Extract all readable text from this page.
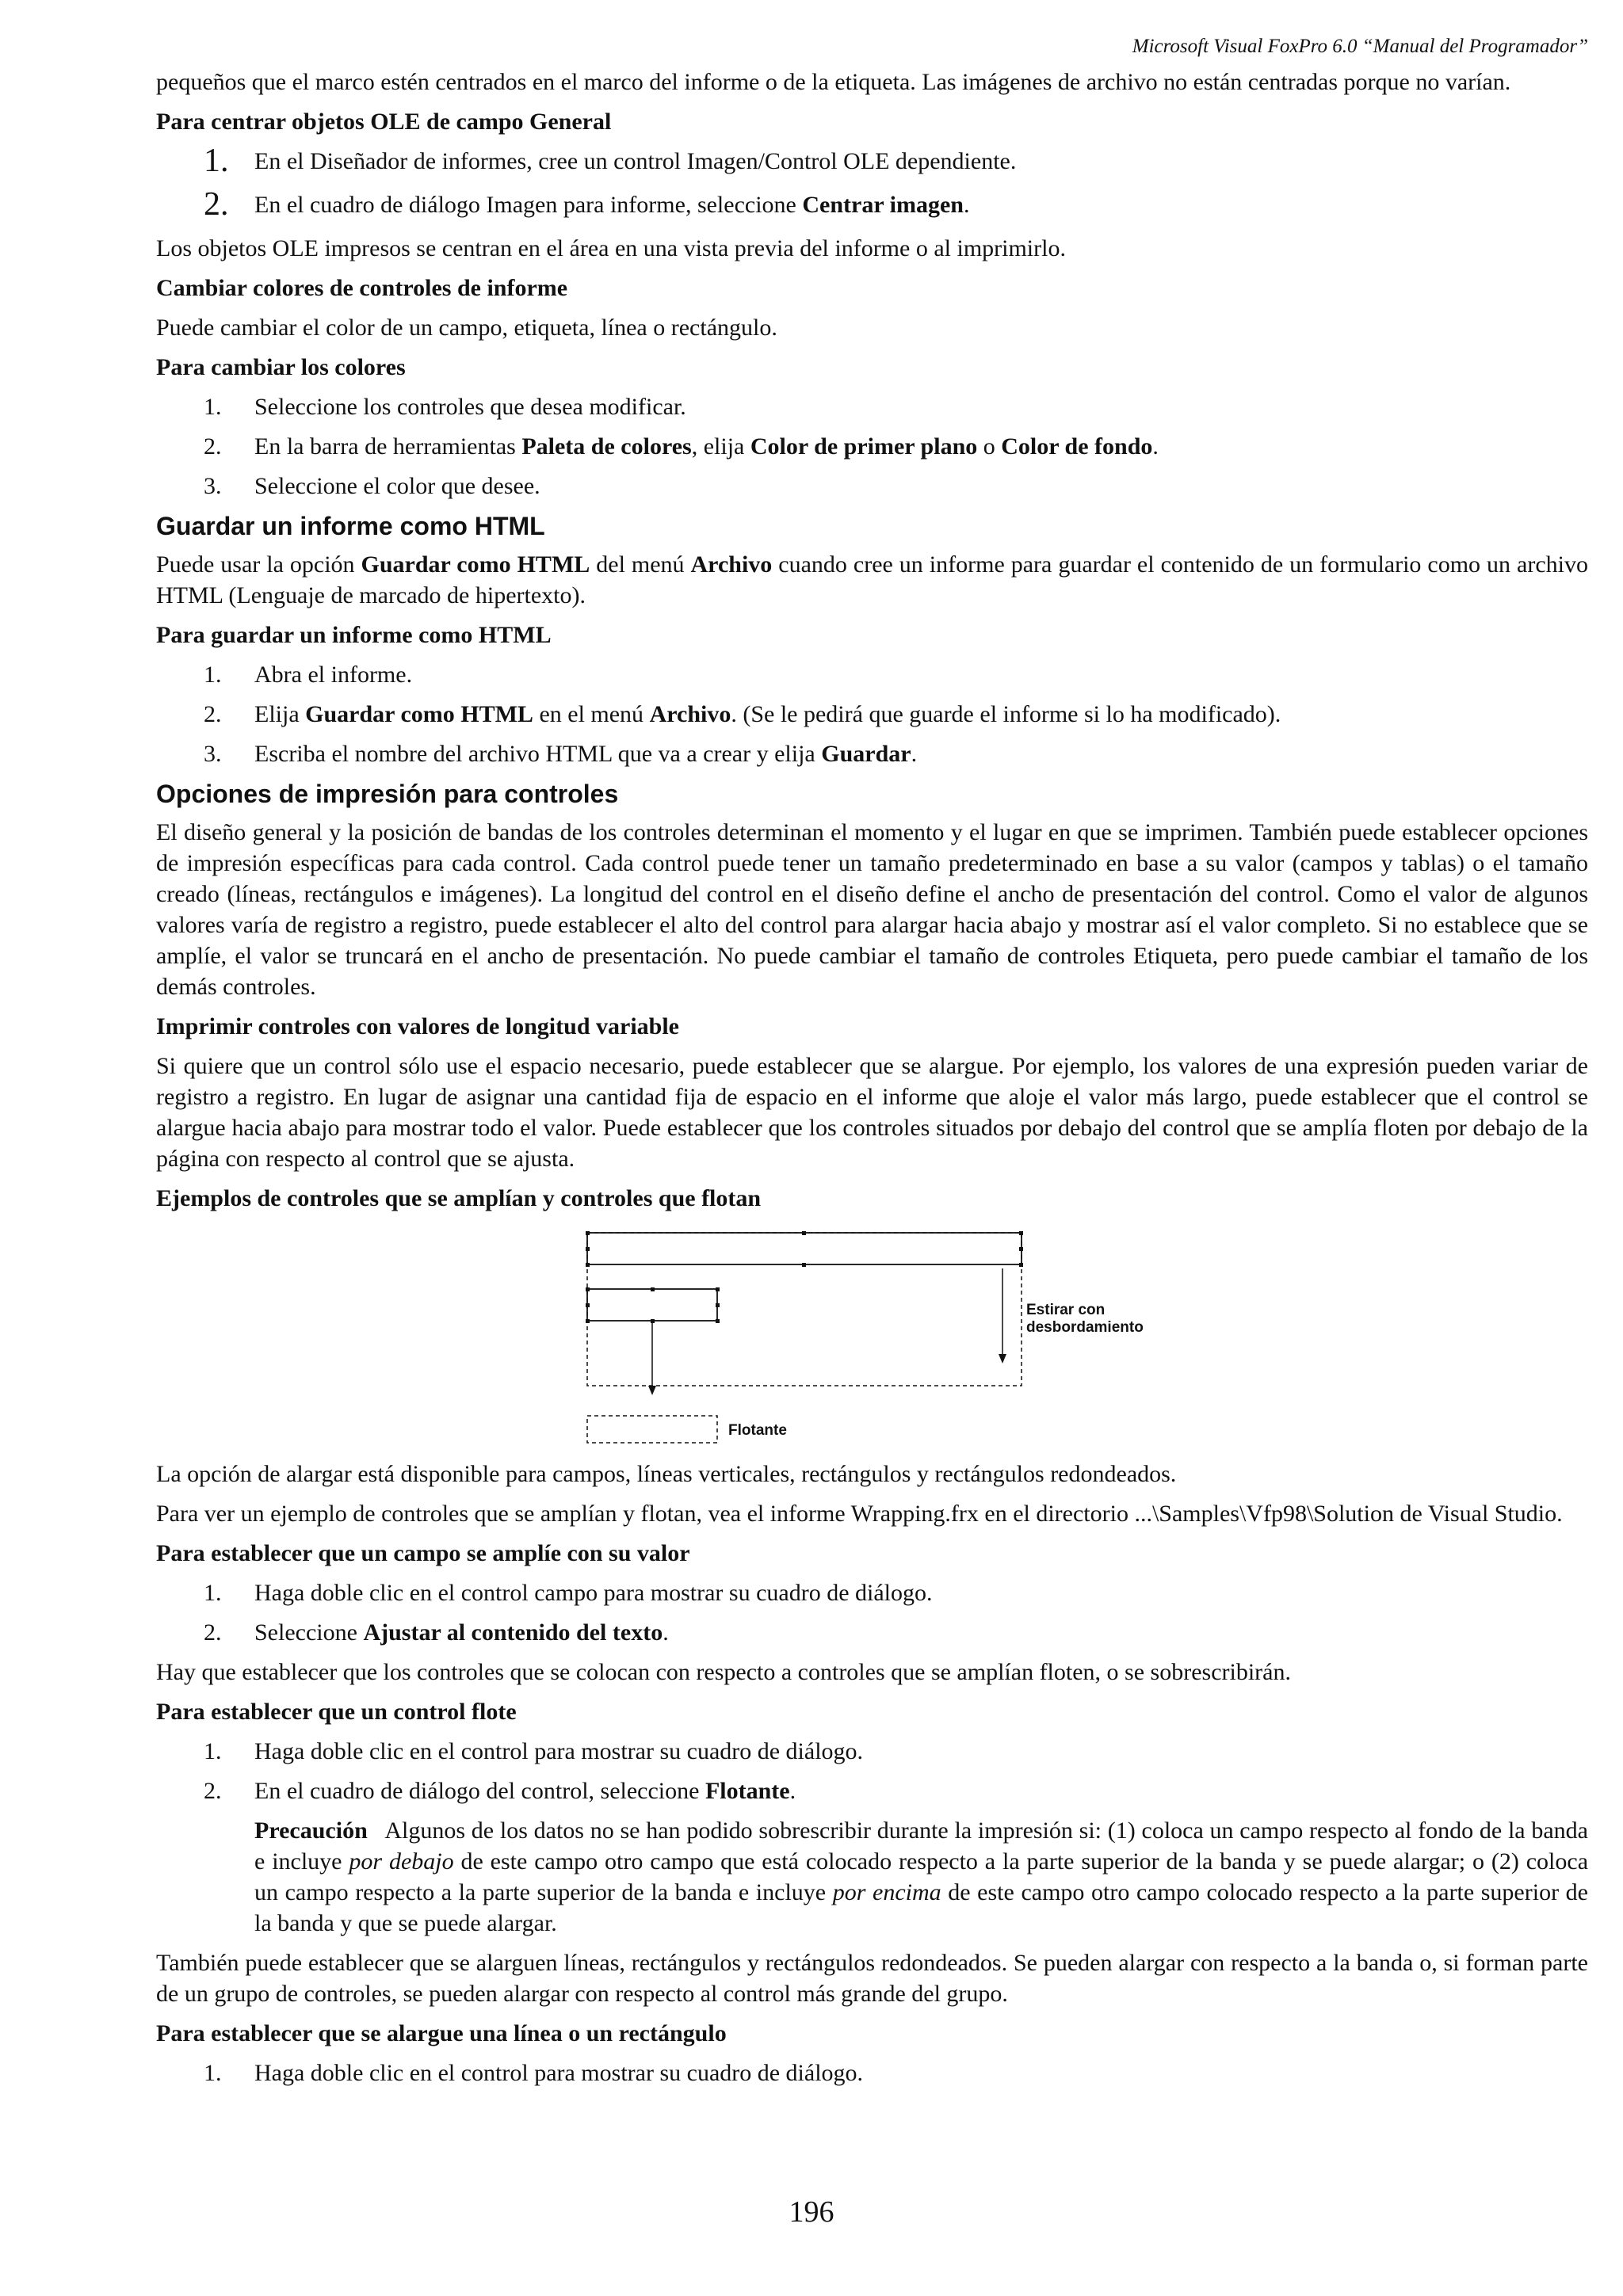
Microsoft Visual FoxPro 6.0 “Manual del Programador”

pequeños que el marco estén centrados en el marco del informe o de la etiqueta. Las imágenes de archivo no están centradas porque no varían.

Para centrar objetos OLE de campo General
1.	En el Diseñador de informes, cree un control Imagen/Control OLE dependiente.
2.	En el cuadro de diálogo Imagen para informe, seleccione Centrar imagen.

Los objetos OLE impresos se centran en el área en una vista previa del informe o al imprimirlo.

Cambiar colores de controles de informe

Puede cambiar el color de un campo, etiqueta, línea o rectángulo.

Para cambiar los colores
1.	Seleccione los controles que desea modificar.
2.	En la barra de herramientas Paleta de colores, elija Color de primer plano o Color de fondo.
3.	Seleccione el color que desee.
Guardar un informe como HTML

Puede usar la opción Guardar como HTML del menú Archivo cuando cree un informe para guardar el contenido de un formulario como un archivo HTML (Lenguaje de marcado de hipertexto).

Para guardar un informe como HTML
1.	Abra el informe.
2.	Elija Guardar como HTML en el menú Archivo. (Se le pedirá que guarde el informe si lo ha modificado).
3.	Escriba el nombre del archivo HTML que va a crear y elija Guardar.
Opciones de impresión para controles

El diseño general y la posición de bandas de los controles determinan el momento y el lugar en que se imprimen. También puede establecer opciones de impresión específicas para cada control. Cada control puede tener un tamaño predeterminado en base a su valor (campos y tablas) o el tamaño creado (líneas, rectángulos e imágenes). La longitud del control en el diseño define el ancho de presentación del control. Como el valor de algunos valores varía de registro a registro, puede establecer el alto del control para alargar hacia abajo y mostrar así el valor completo. Si no establece que se amplíe, el valor se truncará en el ancho de presentación. No puede cambiar el tamaño de controles Etiqueta, pero puede cambiar el tamaño de los demás controles.

Imprimir controles con valores de longitud variable

Si quiere que un control sólo use el espacio necesario, puede establecer que se alargue. Por ejemplo, los valores de una expresión pueden variar de registro a registro. En lugar de asignar una cantidad fija de espacio en el informe que aloje el valor más largo, puede establecer que el control se alargue hacia abajo para mostrar todo el valor. Puede establecer que los controles situados por debajo del control que se amplía floten por debajo de la página con respecto al control que se ajusta.

Ejemplos de controles que se amplían y controles que flotan
Estirar con
desbordamiento
Flotante

La opción de alargar está disponible para campos, líneas verticales, rectángulos y rectángulos redondeados.

Para ver un ejemplo de controles que se amplían y flotan, vea el informe Wrapping.frx en el directorio ...\Samples\Vfp98\Solution de Visual Studio.

Para establecer que un campo se amplíe con su valor
1.	Haga doble clic en el control campo para mostrar su cuadro de diálogo.
2.	Seleccione Ajustar al contenido del texto.

Hay que establecer que los controles que se colocan con respecto a controles que se amplían floten, o se sobrescribirán.

Para establecer que un control flote
1.	Haga doble clic en el control para mostrar su cuadro de diálogo.
2.	En el cuadro de diálogo del control, seleccione Flotante.
Precaución   Algunos de los datos no se han podido sobrescribir durante la impresión si: (1) coloca un campo respecto al fondo de la banda e incluye por debajo de este campo otro campo que está colocado respecto a la parte superior de la banda y se puede alargar; o (2) coloca un campo respecto a la parte superior de la banda e incluye por encima de este campo otro campo colocado respecto a la parte superior de la banda y que se puede alargar.

También puede establecer que se alarguen líneas, rectángulos y rectángulos redondeados. Se pueden alargar con respecto a la banda o, si forman parte de un grupo de controles, se pueden alargar con respecto al control más grande del grupo.

Para establecer que se alargue una línea o un rectángulo
1.	Haga doble clic en el control para mostrar su cuadro de diálogo.
196
